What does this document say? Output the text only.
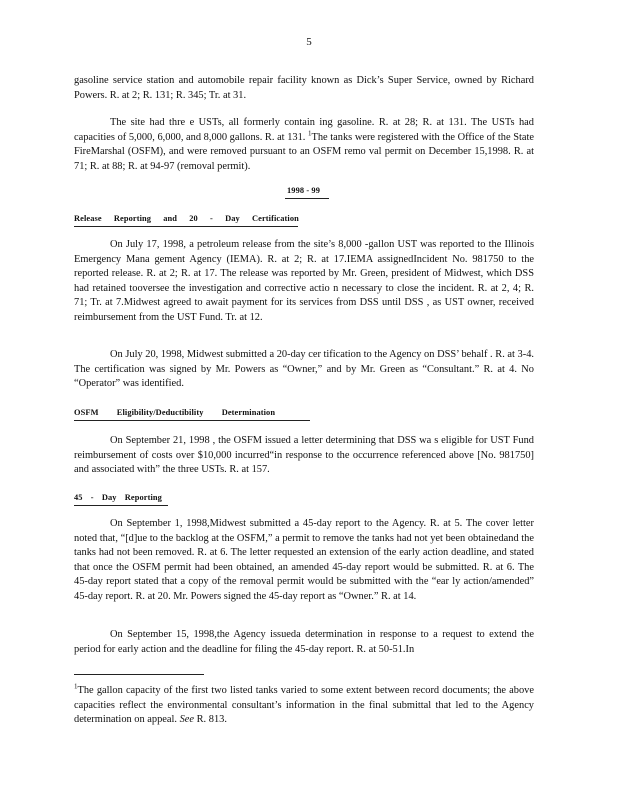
5

gasoline service station and automobile repair facility known as Dick’s Super Service, owned by Richard Powers. R. at 2; R. 131; R. 345; Tr. at 31.

The site had thre e USTs, all formerly contain ing gasoline. R. at 28; R. at 131. The USTs had capacities of 5,000, 6,000, and 8,000 gallons. R. at 131. $^1$The tanks were registered with the Office of the State FireMarshal (OSFM), and were removed pursuant to an OSFM remo val permit on December 15,1998. R. at 71; R. at 88; R. at 94-97 (removal permit).

1998 - 99
Release Reporting and 20 - Day Certification

On July 17, 1998, a petroleum release from the site’s 8,000 -gallon UST was reported to the Illinois Emergency Mana gement Agency (IEMA). R. at 2; R. at 17.IEMA assignedIncident No. 981750 to the reported release. R. at 2; R. at 17. The release was reported by Mr. Green, president of Midwest, which DSS had retained tooversee the investigation and corrective actio n necessary to close the incident. R. at 2, 4; R. 71; Tr. at 7.Midwest agreed to await payment for its services from DSS until DSS , as UST owner, received reimbursement from the UST Fund. Tr. at 12.

On July 20, 1998, Midwest submitted a 20-day cer tification to the Agency on DSS’ behalf . R. at 3-4. The certification was signed by Mr. Powers as “Owner,” and by Mr. Green as “Consultant.” R. at 4. No “Operator” was identified.

OSFM Eligibility/Deductibility Determination

On September 21, 1998 , the OSFM issued a letter determining that DSS wa s eligible for UST Fund reimbursement of costs over $10,000 incurred“in response to the occurrence referenced above [No. 981750] and associated with” the three USTs. R. at 157.

45 - Day Reporting

On September 1, 1998,Midwest submitted a 45-day report to the Agency. R. at 5. The cover letter noted that, “[d]ue to the backlog at the OSFM,” a permit to remove the tanks had not yet been obtainedand the tanks had not been removed. R. at 6. The letter requested an extension of the early action deadline, and stated that once the OSFM permit had been obtained, an amended 45-day report would be submitted. R. at 6. The 45-day report stated that a copy of the removal permit would be submitted with the “ear ly action/amended” 45-day report. R. at 20. Mr. Powers signed the 45-day report as “Owner.” R. at 14.

On September 15, 1998,the Agency issueda determination in response to a request to extend the period for early action and the deadline for filing the 45-day report. R. at 50-51.In

$^1$The gallon capacity of the first two listed tanks varied to some extent between record documents; the above capacities reflect the environmental consultant’s information in the final submittal that led to the Agency determination on appeal. See R. 813.
